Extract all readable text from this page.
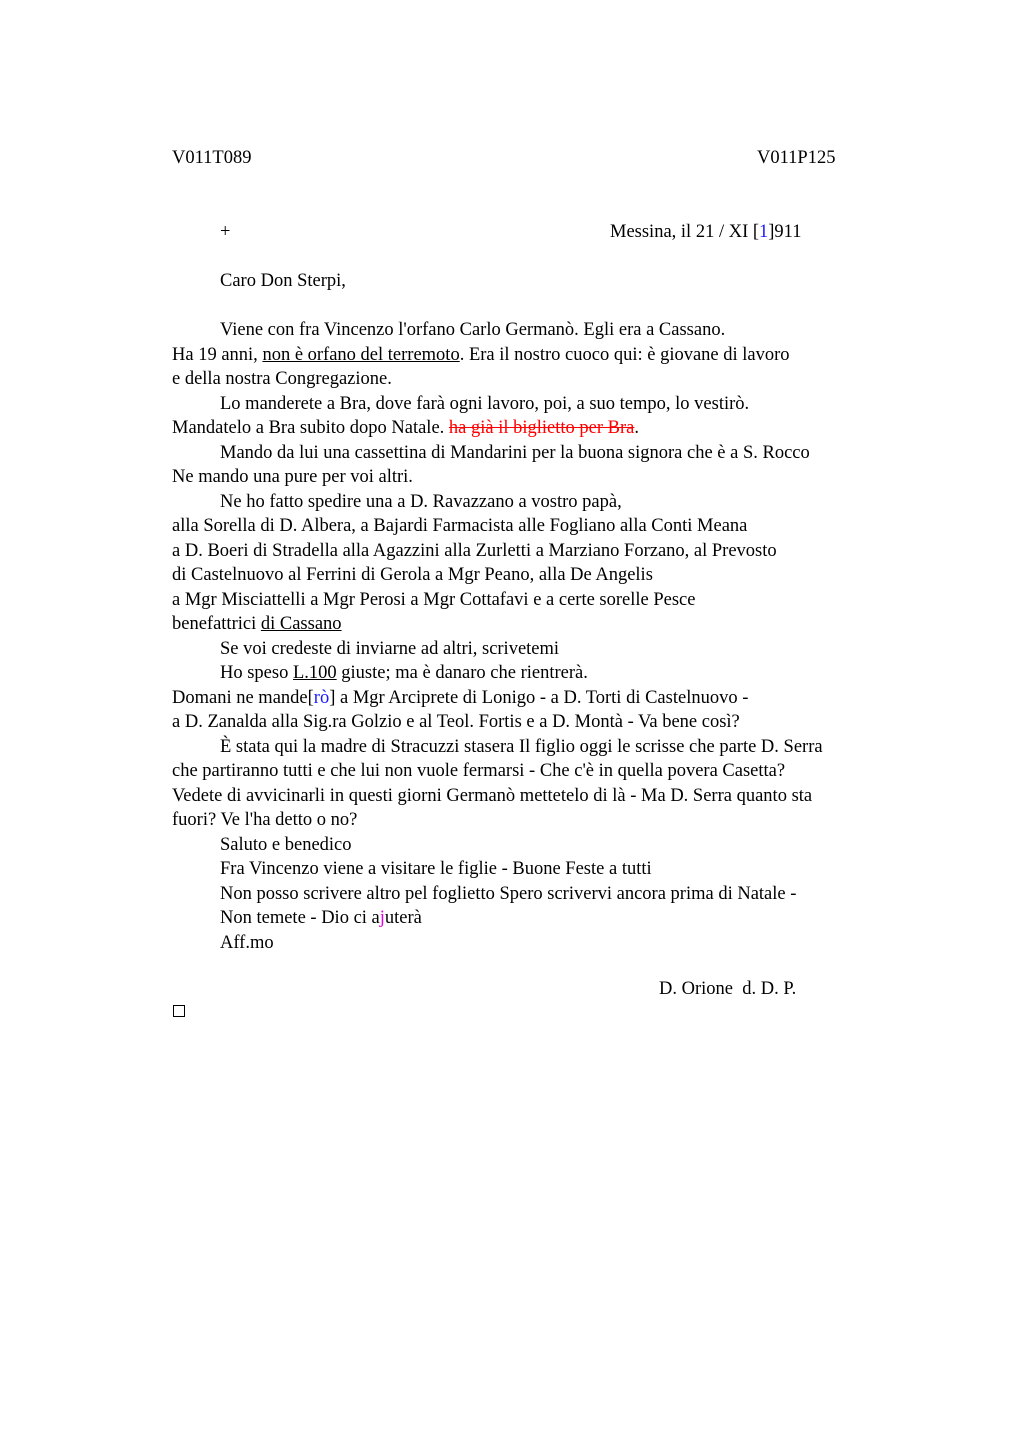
V011T089	V011P125
+	Messina, il 21 / XI [1]911
Caro Don Sterpi,
Viene con fra Vincenzo l'orfano Carlo Germanò. Egli era a Cassano.
Ha 19 anni, non è orfano del terremoto. Era il nostro cuoco qui: è giovane di lavoro
e della nostra Congregazione.
Lo manderete a Bra, dove farà ogni lavoro, poi, a suo tempo, lo vestirò.
Mandatelo a Bra subito dopo Natale. ha già il biglietto per Bra.
Mando da lui una cassettina di Mandarini per la buona signora che è a S. Rocco
Ne mando una pure per voi altri.
Ne ho fatto spedire una a D. Ravazzano a vostro papà,
alla Sorella di D. Albera, a Bajardi Farmacista alle Fogliano alla Conti Meana
a D. Boeri di Stradella alla Agazzini alla Zurletti a Marziano Forzano, al Prevosto
di Castelnuovo al Ferrini di Gerola a Mgr Peano, alla De Angelis
a Mgr Misciattelli a Mgr Perosi a Mgr Cottafavi e a certe sorelle Pesce
benefattrici di Cassano
Se voi credeste di inviarne ad altri, scrivetemi
Ho speso L.100 giuste; ma è danaro che rientrerà.
Domani ne mande[rò] a Mgr Arciprete di Lonigo - a D. Torti di Castelnuovo -
a D. Zanalda alla Sig.ra Golzio e al Teol. Fortis e a D. Montà - Va bene così?
È stata qui la madre di Stracuzzi stasera Il figlio oggi le scrisse che parte D. Serra
che partiranno tutti e che lui non vuole fermarsi - Che c'è in quella povera Casetta?
Vedete di avvicinarli in questi giorni Germanò mettetelo di là - Ma D. Serra quanto sta
fuori? Ve l'ha detto o no?
Saluto e benedico
Fra Vincenzo viene a visitare le figlie - Buone Feste a tutti
Non posso scrivere altro pel foglietto Spero scrivervi ancora prima di Natale -
Non temete - Dio ci ajuterà
Aff.mo
D. Orione  d. D. P.
